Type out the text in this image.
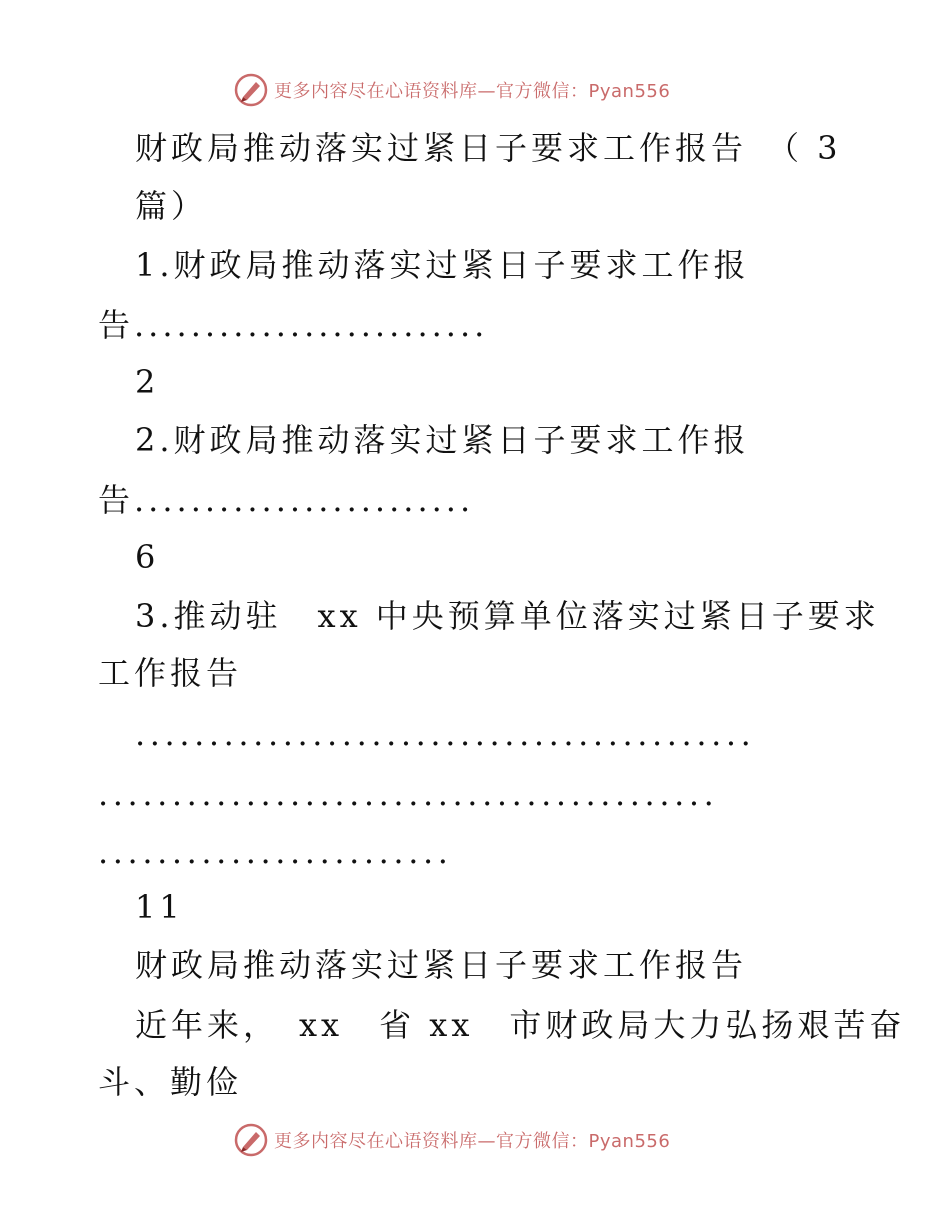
更多内容尽在心语资料库—官方微信：Pyan556
财政局推动落实过紧日子要求工作报告　（ 3
篇）
1.财政局推动落实过紧日子要求工作报
告.........................
2
2.财政局推动落实过紧日子要求工作报
告........................
6
3.推动驻　xx 中央预算单位落实过紧日子要求
工作报告
..........................................
..........................................
........................
11
财政局推动落实过紧日子要求工作报告
近年来，　xx　省 xx　市财政局大力弘扬艰苦奋
斗、勤俭
更多内容尽在心语资料库—官方微信：Pyan556
